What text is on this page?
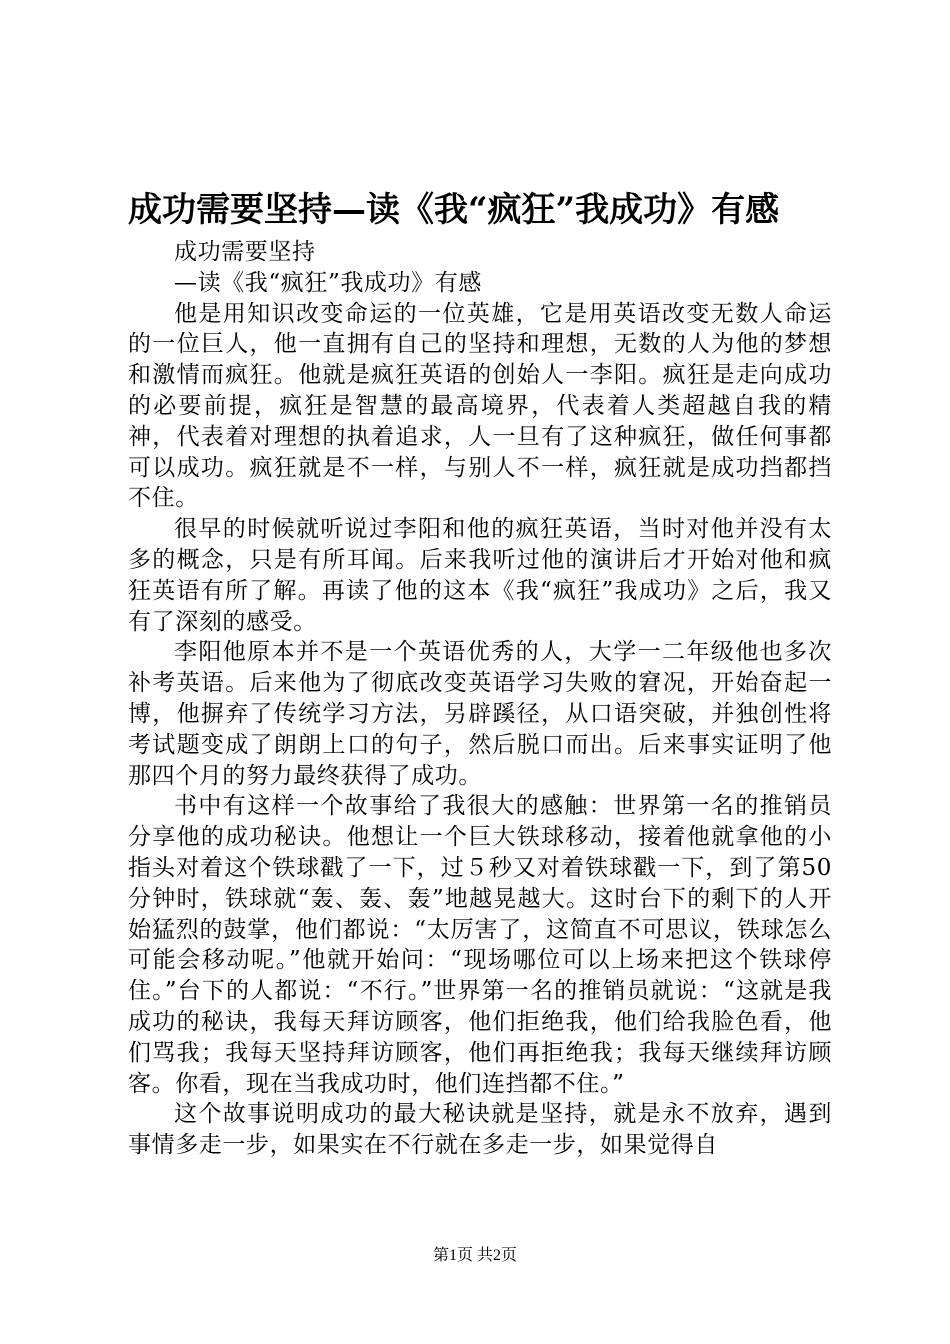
成功需要坚持—读《我“疯狂”我成功》有感

成功需要坚持

—读《我“疯狂”我成功》有感

他是用知识改变命运的一位英雄，它是用英语改变无数人命运的一位巨人，他一直拥有自己的坚持和理想，无数的人为他的梦想和激情而疯狂。他就是疯狂英语的创始人一李阳。疯狂是走向成功的必要前提，疯狂是智慧的最高境界，代表着人类超越自我的精神，代表着对理想的执着追求，人一旦有了这种疯狂，做任何事都可以成功。疯狂就是不一样，与别人不一样，疯狂就是成功挡都挡不住。

很早的时候就听说过李阳和他的疯狂英语，当时对他并没有太多的概念，只是有所耳闻。后来我听过他的演讲后才开始对他和疯狂英语有所了解。再读了他的这本《我“疯狂”我成功》之后，我又有了深刻的感受。

李阳他原本并不是一个英语优秀的人，大学一二年级他也多次补考英语。后来他为了彻底改变英语学习失败的窘况，开始奋起一博，他摒弃了传统学习方法，另辟蹊径，从口语突破，并独创性将考试题变成了朗朗上口的句子，然后脱口而出。后来事实证明了他那四个月的努力最终获得了成功。

书中有这样一个故事给了我很大的感触：世界第一名的推销员分享他的成功秘诀。他想让一个巨大铁球移动，接着他就拿他的小指头对着这个铁球戳了一下，过５秒又对着铁球戳一下，到了第50分钟时，铁球就“轰、轰、轰”地越晃越大。这时台下的剩下的人开始猛烈的鼓掌，他们都说：“太厉害了，这简直不可思议，铁球怎么可能会移动呢。”他就开始问：“现场哪位可以上场来把这个铁球停住。”台下的人都说：“不行。”世界第一名的推销员就说：“这就是我成功的秘诀，我每天拜访顾客，他们拒绝我，他们给我脸色看，他们骂我；我每天坚持拜访顾客，他们再拒绝我；我每天继续拜访顾客。你看，现在当我成功时，他们连挡都不住。”

这个故事说明成功的最大秘诀就是坚持，就是永不放弃，遇到事情多走一步，如果实在不行就在多走一步，如果觉得自

第1页 共2页
